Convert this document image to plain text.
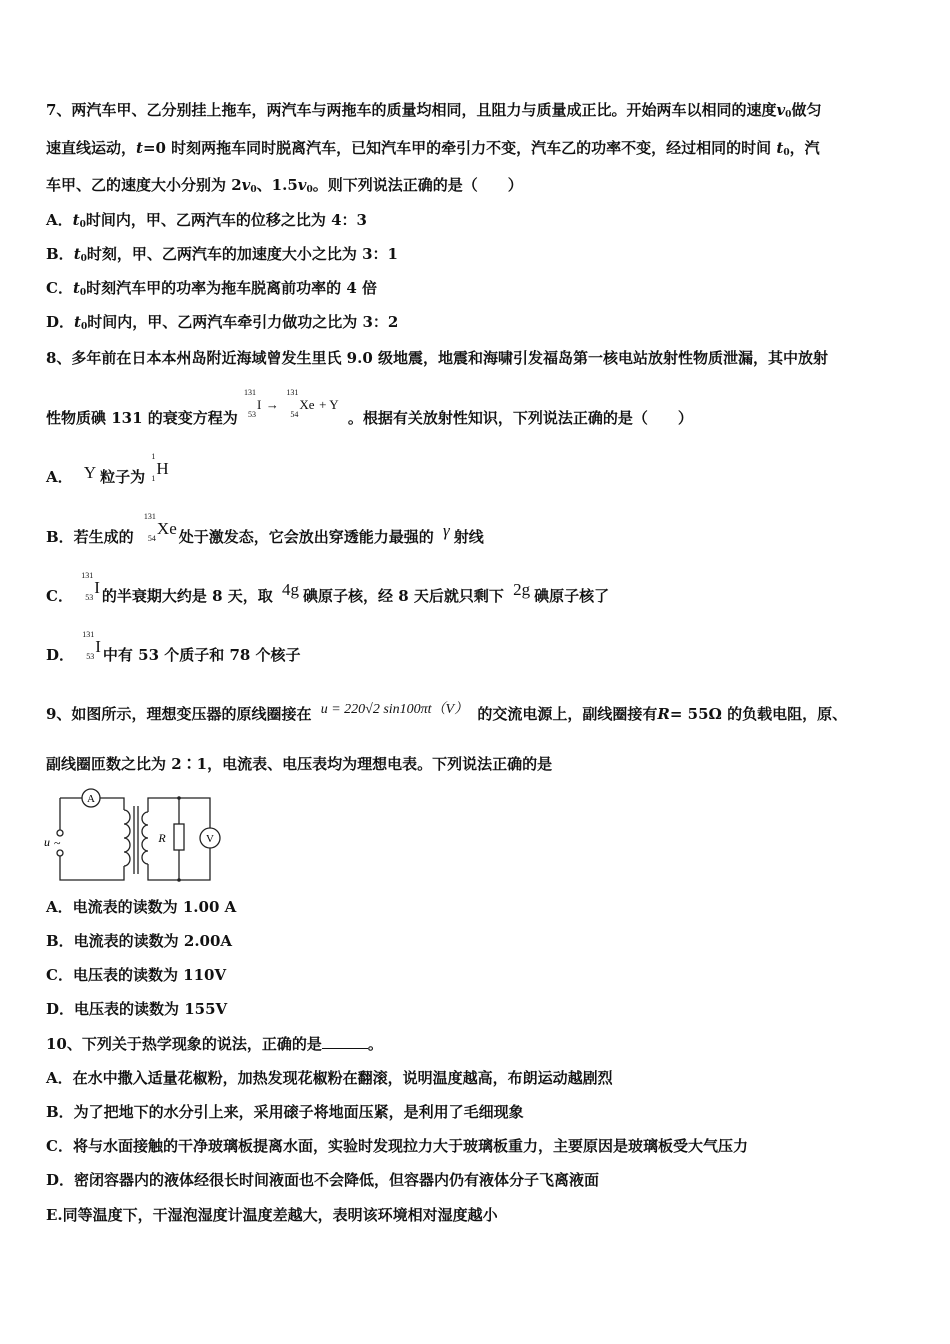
7、两汽车甲、乙分别挂上拖车，两汽车与两拖车的质量均相同，且阻力与质量成正比。开始两车以相同的速度$v_0$做匀
速直线运动，t=0 时刻两拖车同时脱离汽车，已知汽车甲的牵引力不变，汽车乙的功率不变，经过相同的时间 $t_0$，汽
车甲、乙的速度大小分别为 $2v_0$、$1.5v_0$。则下列说法正确的是（　　）
A．$t_0$时间内，甲、乙两汽车的位移之比为 4：3
B．$t_0$时刻，甲、乙两汽车的加速度大小之比为 3：1
C．$t_0$时刻汽车甲的功率为拖车脱离前功率的 4 倍
D．$t_0$时间内，甲、乙两汽车牵引力做功之比为 3：2
8、多年前在日本本州岛附近海域曾发生里氏 9.0 级地震，地震和海啸引发福岛第一核电站放射性物质泄漏，其中放射
性物质碘 131 的衰变方程为
131
53
I →
131
54
Xe + Y 。根据有关放射性知识，下列说法正确的是（　　）
A． Y 粒子为
1
1
H
B．若生成的
131
54
Xe 处于激发态，它会放出穿透能力最强的 γ 射线
C．
131
53
I 的半衰期大约是 8 天，取 4g 碘原子核，经 8 天后就只剩下 2g 碘原子核了
D．
131
53
I 中有 53 个质子和 78 个核子
9、如图所示，理想变压器的原线圈接在 u = 220√2 sin100πt（V） 的交流电源上，副线圈接有R= 55Ω 的负载电阻，原、
副线圈匝数之比为 2∶1，电流表、电压表均为理想电表。下列说法正确的是
A
V
R
u ~
A．电流表的读数为 1.00 A
B．电流表的读数为 2.00A
C．电压表的读数为 110V
D．电压表的读数为 155V
10、下列关于热学现象的说法，正确的是	。
A．在水中撒入适量花椒粉，加热发现花椒粉在翻滚，说明温度越高，布朗运动越剧烈
B．为了把地下的水分引上来，采用磙子将地面压紧，是利用了毛细现象
C．将与水面接触的干净玻璃板提离水面，实验时发现拉力大于玻璃板重力，主要原因是玻璃板受大气压力
D．密闭容器内的液体经很长时间液面也不会降低，但容器内仍有液体分子飞离液面
E.同等温度下，干湿泡湿度计温度差越大，表明该环境相对湿度越小
